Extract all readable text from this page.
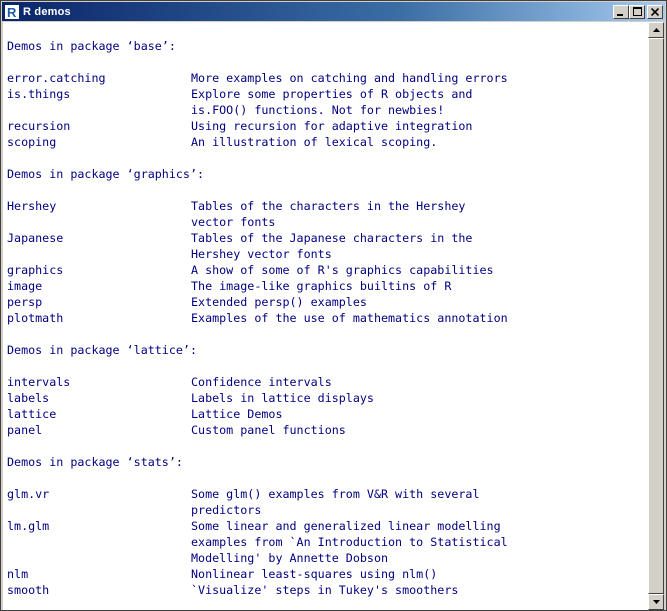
R R demos
Demos in package ‘base’:
error.catching	More examples on catching and handling errors
is.things	Explore some properties of R objects and
is.FOO() functions. Not for newbies!
recursion	Using recursion for adaptive integration
scoping	An illustration of lexical scoping.
Demos in package ‘graphics’:
Hershey	Tables of the characters in the Hershey
vector fonts
Japanese	Tables of the Japanese characters in the
Hershey vector fonts
graphics	A show of some of R's graphics capabilities
image	The image-like graphics builtins of R
persp	Extended persp() examples
plotmath	Examples of the use of mathematics annotation
Demos in package ‘lattice’:
intervals	Confidence intervals
labels	Labels in lattice displays
lattice	Lattice Demos
panel	Custom panel functions
Demos in package ‘stats’:
glm.vr	Some glm() examples from V&R with several
predictors
lm.glm	Some linear and generalized linear modelling
examples from `An Introduction to Statistical
Modelling' by Annette Dobson
nlm	Nonlinear least-squares using nlm()
smooth	`Visualize' steps in Tukey's smoothers
